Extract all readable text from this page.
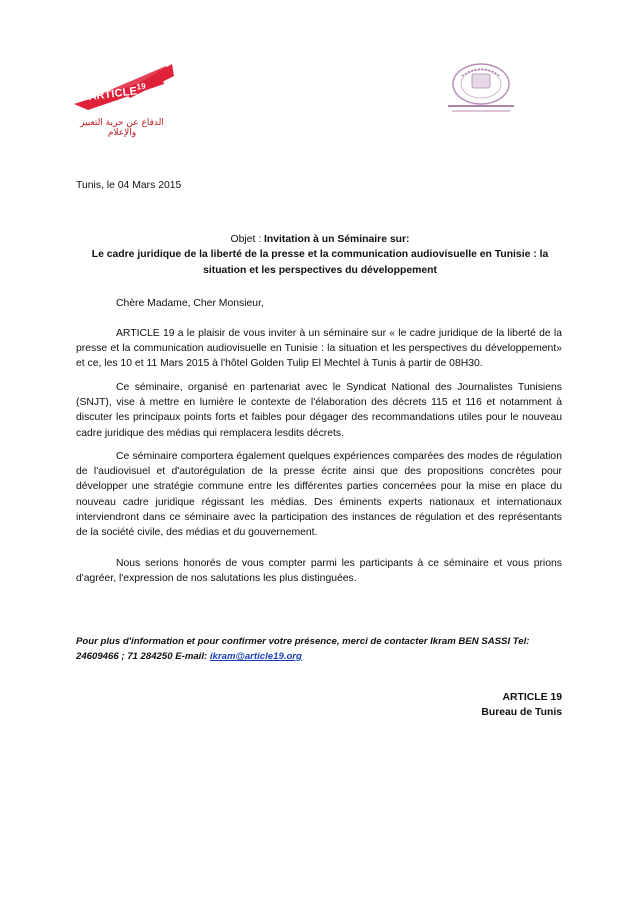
ARTICLE$^{19}$
الدفاع عن حرية التعبير والإعلام
Tunis, le 04 Mars 2015
Objet : Invitation à un Séminaire sur:
Le cadre juridique de la liberté de la presse et la communication audiovisuelle en Tunisie : la situation et les perspectives du développement
Chère Madame, Cher Monsieur,
ARTICLE 19 a le plaisir de vous inviter à un séminaire sur « le cadre juridique de la liberté de la presse et la communication audiovisuelle en Tunisie : la situation et les perspectives du développement» et ce, les 10 et 11 Mars 2015 à l'hôtel Golden Tulip El Mechtel à Tunis à partir de 08H30.
Ce séminaire, organisé en partenariat avec le Syndicat National des Journalistes Tunisiens (SNJT), vise à mettre en lumière le contexte de l'élaboration des décrets 115 et 116 et notamment à discuter les principaux points forts et faibles pour dégager des recommandations utiles pour le nouveau cadre juridique des médias qui remplacera lesdits décrets.
Ce séminaire comportera également quelques expériences comparées des modes de régulation de l'audiovisuel et d'autorégulation de la presse écrite ainsi que des propositions concrètes pour développer une stratégie commune entre les différentes parties concernées pour la mise en place du nouveau cadre juridique régissant les médias. Des éminents experts nationaux et internationaux interviendront dans ce séminaire avec la participation des instances de régulation et des représentants de la société civile, des médias et du gouvernement.
Nous serions honorés de vous compter parmi les participants à ce séminaire et vous prions d'agréer, l'expression de nos salutations les plus distinguées.
Pour plus d'information et pour confirmer votre présence, merci de contacter Ikram BEN SASSI Tel: 24609466 ; 71 284250 E-mail: ikram@article19.org
ARTICLE 19
Bureau de Tunis
